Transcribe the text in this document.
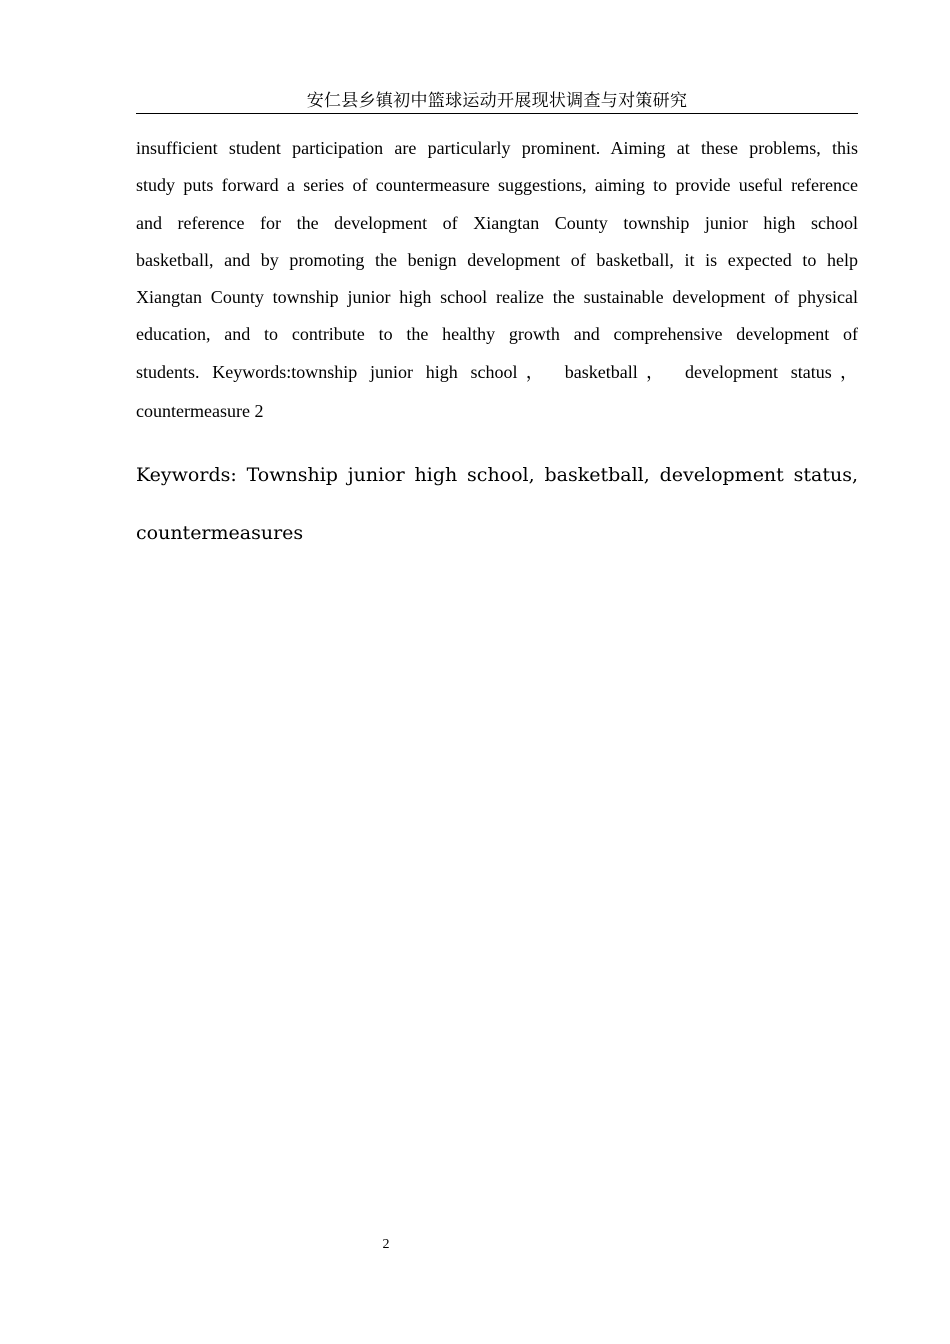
安仁县乡镇初中篮球运动开展现状调查与对策研究
insufficient student participation are particularly prominent. Aiming at these problems, this
study puts forward a series of countermeasure suggestions, aiming to provide useful reference
and reference for the development of Xiangtan County township junior high school
basketball, and by promoting the benign development of basketball, it is expected to help
Xiangtan County township junior high school realize the sustainable development of physical
education, and to contribute to the healthy growth and comprehensive development of
students. Keywords:township junior high school， basketball， development status，
countermeasure 2
Keywords: Township junior high school, basketball, development status,
countermeasures
2
